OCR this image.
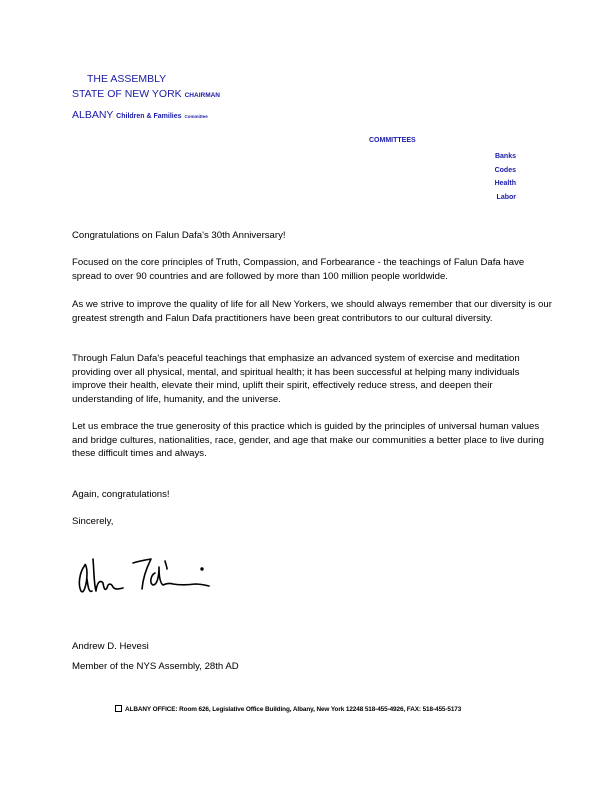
THE ASSEMBLY
STATE OF NEW YORK CHAIRMAN
ALBANY Children & Families Committee
COMMITTEES
Banks
Codes
Health
Labor
Congratulations on Falun Dafa's 30th Anniversary!
Focused on the core principles of Truth, Compassion, and Forbearance - the teachings of Falun Dafa have spread to over 90 countries and are followed by more than 100 million people worldwide.
As we strive to improve the quality of life for all New Yorkers, we should always remember that our diversity is our greatest strength and Falun Dafa practitioners have been great contributors to our cultural diversity.
Through Falun Dafa's peaceful teachings that emphasize an advanced system of exercise and meditation providing over all physical, mental, and spiritual health; it has been successful at helping many individuals improve their health, elevate their mind, uplift their spirit, effectively reduce stress, and deepen their understanding of life, humanity, and the universe.
Let us embrace the true generosity of this practice which is guided by the principles of universal human values and bridge cultures, nationalities, race, gender, and age that make our communities a better place to live during these difficult times and always.
Again, congratulations!
Sincerely,
Andrew D. Hevesi
Member of the NYS Assembly, 28th AD
ALBANY OFFICE: Room 626, Legislative Office Building, Albany, New York 12248 518-455-4926, FAX: 518-455-5173
